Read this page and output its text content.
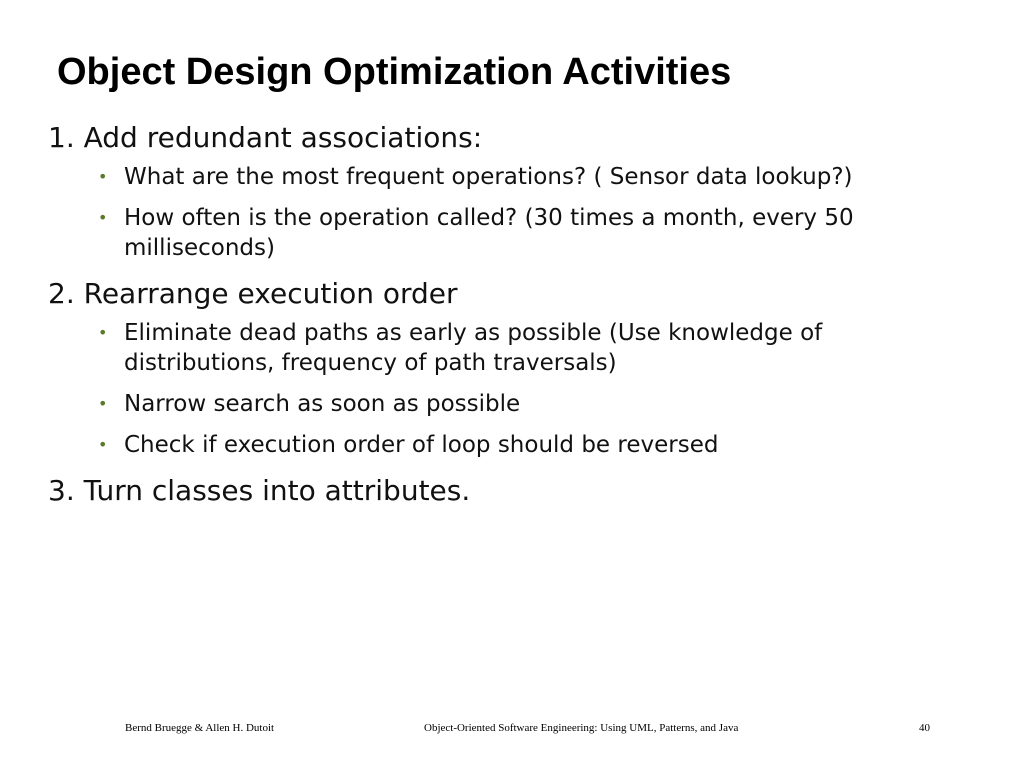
Object Design Optimization Activities
1. Add redundant associations:
• What are the most frequent operations? ( Sensor data lookup?)
• How often is the operation called? (30 times a month, every 50 milliseconds)
2. Rearrange execution order
• Eliminate dead paths as early as possible (Use knowledge of distributions, frequency of path traversals)
• Narrow search as soon as possible
• Check if execution order of loop should be reversed
3. Turn classes into attributes.
Bernd Bruegge & Allen H. Dutoit	Object-Oriented Software Engineering: Using UML, Patterns, and Java	40
